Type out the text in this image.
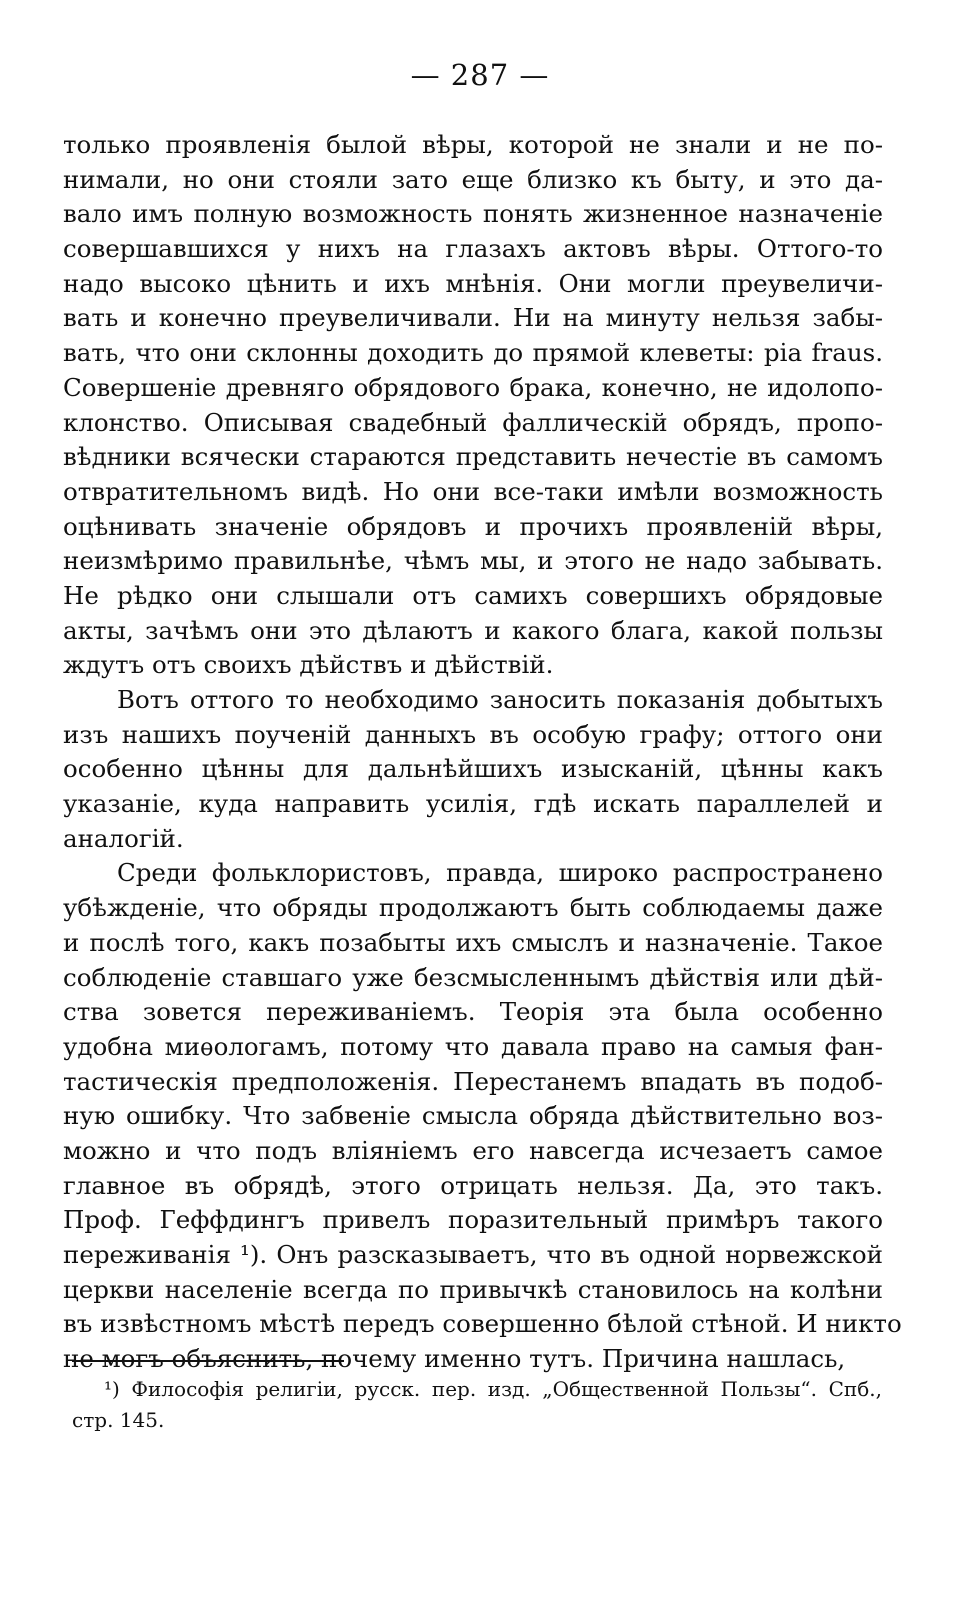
— 287 —
только проявленія былой вѣры, которой не знали и не по-
нимали, но они стояли зато еще близко къ быту, и это да-
вало имъ полную возможность понять жизненное назначеніе
совершавшихся у нихъ на глазахъ актовъ вѣры. Оттого-то
надо высоко цѣнить и ихъ мнѣнія. Они могли преувеличи-
вать и конечно преувеличивали. Ни на минуту нельзя забы-
вать, что они склонны доходить до прямой клеветы: pia fraus.
Совершеніе древняго обрядового брака, конечно, не идолопо-
клонство. Описывая свадебный фаллическій обрядъ, пропо-
вѣдники всячески стараются представить нечестіе въ самомъ
отвратительномъ видѣ. Но они все-таки имѣли возможность
оцѣнивать значеніе обрядовъ и прочихъ проявленій вѣры,
неизмѣримо правильнѣе, чѣмъ мы, и этого не надо забывать.
Не рѣдко они слышали отъ самихъ совершихъ обрядовые
акты, зачѣмъ они это дѣлаютъ и какого блага, какой пользы
ждутъ отъ своихъ дѣйствъ и дѣйствій.
Вотъ оттого то необходимо заносить показанія добытыхъ
изъ нашихъ поученій данныхъ въ особую графу; оттого они
особенно цѣнны для дальнѣйшихъ изысканій, цѣнны какъ
указаніе, куда направить усилія, гдѣ искать параллелей и
аналогій.
Среди фольклористовъ, правда, широко распространено
убѣжденіе, что обряды продолжаютъ быть соблюдаемы даже
и послѣ того, какъ позабыты ихъ смыслъ и назначеніе. Такое
соблюденіе ставшаго уже безсмысленнымъ дѣйствія или дѣй-
ства зовется переживаніемъ. Теорія эта была особенно
удобна миѳологамъ, потому что давала право на самыя фан-
тастическія предположенія. Перестанемъ впадать въ подоб-
ную ошибку. Что забвеніе смысла обряда дѣйствительно воз-
можно и что подъ вліяніемъ его навсегда исчезаетъ самое
главное въ обрядѣ, этого отрицать нельзя. Да, это такъ.
Проф. Геффдингъ привелъ поразительный примѣръ такого
переживанія ¹). Онъ разсказываетъ, что въ одной норвежской
церкви населеніе всегда по привычкѣ становилось на колѣни
въ извѣстномъ мѣстѣ передъ совершенно бѣлой стѣной. И никто
не могъ объяснить, почему именно тутъ. Причина нашлась,
¹) Философія религіи, русск. пер. изд. „Общественной Пользы“. Спб.,
стр. 145.
